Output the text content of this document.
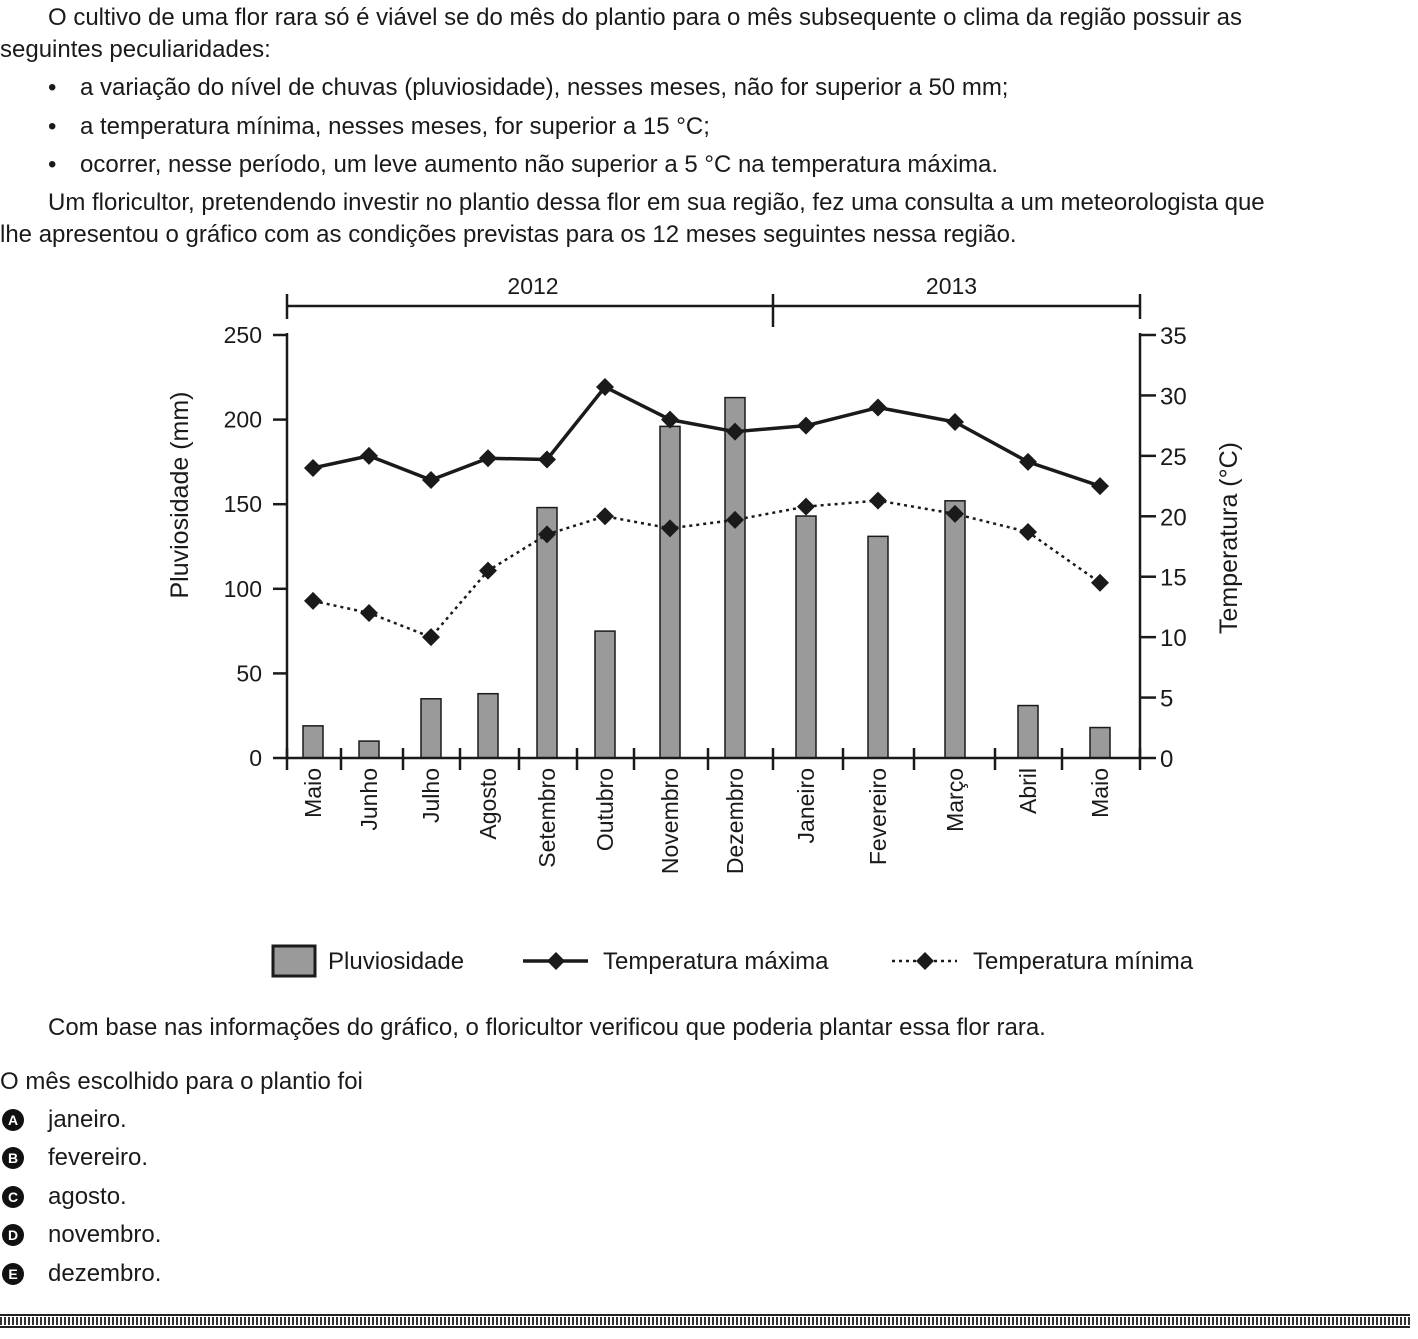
O cultivo de uma flor rara só é viável se do mês do plantio para o mês subsequente o clima da região possuir as

seguintes peculiaridades:

• a variação do nível de chuvas (pluviosidade), nesses meses, não for superior a 50 mm;
• a temperatura mínima, nesses meses, for superior a 15 °C;
• ocorrer, nesse período, um leve aumento não superior a 5 °C na temperatura máxima.

Um floricultor, pretendendo investir no plantio dessa flor em sua região, fez uma consulta a um meteorologista que

lhe apresentou o gráfico com as condições previstas para os 12 meses seguintes nessa região.

0
50
100
150
200
250
0
5
10
15
20
25
30
35
Maio Junho Julho Agosto Setembro Outubro Novembro Dezembro Janeiro Fevereiro Março Abril Maio
2012	2013
Pluviosidade (mm)	Temperatura (°C)
Pluviosidade	Temperatura máxima	Temperatura mínima

Com base nas informações do gráfico, o floricultor verificou que poderia plantar essa flor rara.

O mês escolhido para o plantio foi

A janeiro.
B fevereiro.
C agosto.
D novembro.
E dezembro.
